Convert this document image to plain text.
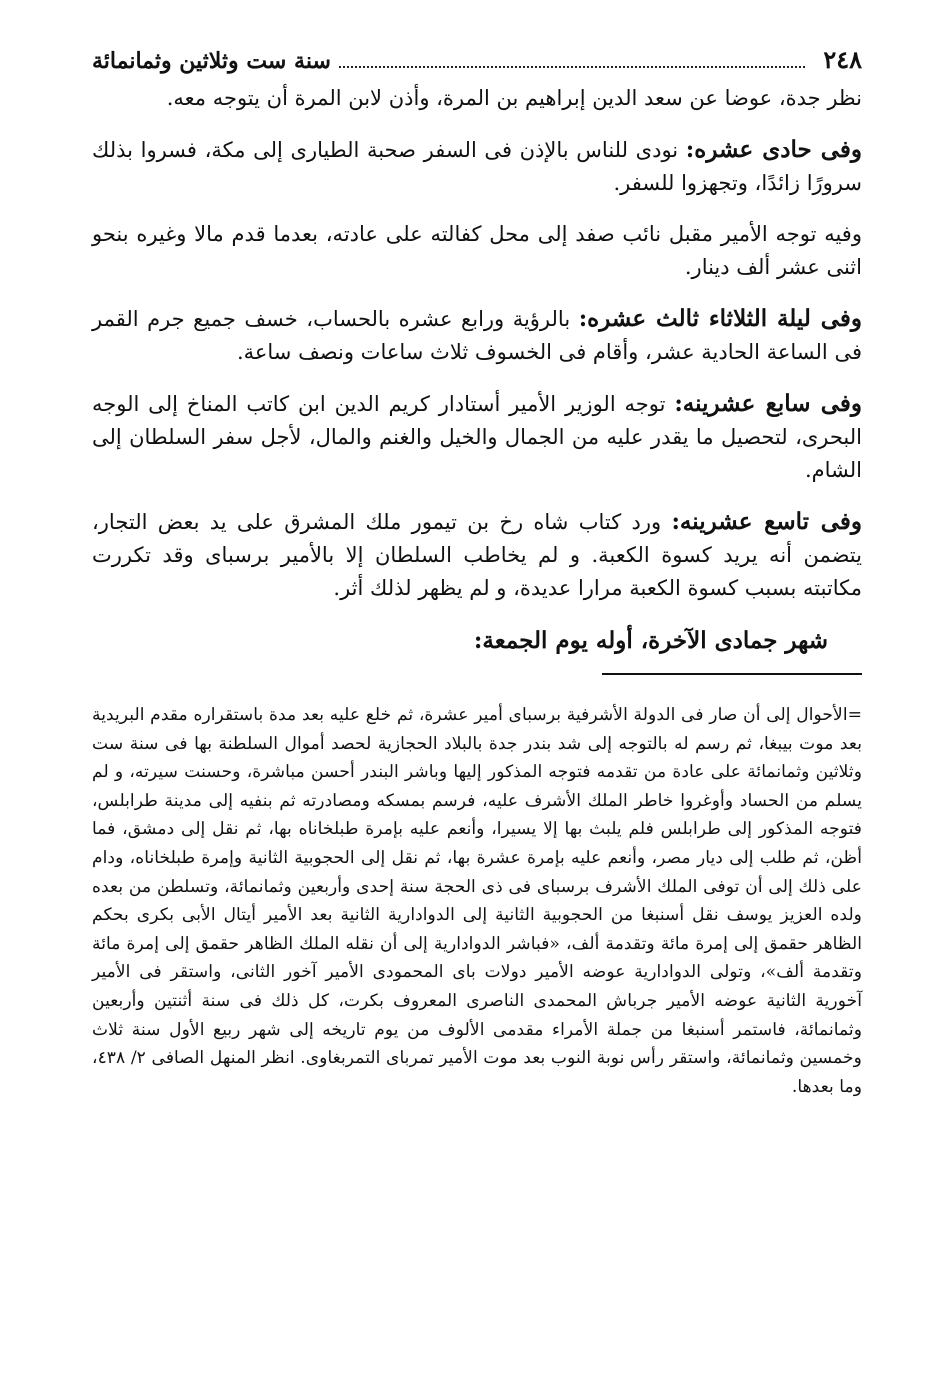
٢٤٨
سنة ست وثلاثين وثمانمائة

نظر جدة، عوضا عن سعد الدين إبراهيم بن المرة، وأذن لابن المرة أن يتوجه معه.

وفى حادى عشره: نودى للناس بالإذن فى السفر صحبة الطيارى إلى مكة، فسروا بذلك سرورًا زائدًا، وتجهزوا للسفر.

وفيه توجه الأمير مقبل نائب صفد إلى محل كفالته على عادته، بعدما قدم مالا وغيره بنحو اثنى عشر ألف دينار.

وفى ليلة الثلاثاء ثالث عشره: بالرؤية ورابع عشره بالحساب، خسف جميع جرم القمر فى الساعة الحادية عشر، وأقام فى الخسوف ثلاث ساعات ونصف ساعة.

وفى سابع عشرينه: توجه الوزير الأمير أستادار كريم الدين ابن كاتب المناخ إلى الوجه البحرى، لتحصيل ما يقدر عليه من الجمال والخيل والغنم والمال، لأجل سفر السلطان إلى الشام.

وفى تاسع عشرينه: ورد كتاب شاه رخ بن تيمور ملك المشرق على يد بعض التجار، يتضمن أنه يريد كسوة الكعبة. و لم يخاطب السلطان إلا بالأمير برسباى وقد تكررت مكاتبته بسبب كسوة الكعبة مرارا عديدة، و لم يظهر لذلك أثر.

شهر جمادى الآخرة، أوله يوم الجمعة:

=الأحوال إلى أن صار فى الدولة الأشرفية برسباى أمير عشرة، ثم خلع عليه بعد مدة باستقراره مقدم البريدية بعد موت بيبغا، ثم رسم له بالتوجه إلى شد بندر جدة بالبلاد الحجازية لحصد أموال السلطنة بها فى سنة ست وثلاثين وثمانمائة على عادة من تقدمه فتوجه المذكور إليها وباشر البندر أحسن مباشرة، وحسنت سيرته، و لم يسلم من الحساد وأوغروا خاطر الملك الأشرف عليه، فرسم بمسكه ومصادرته ثم بنفيه إلى مدينة طرابلس، فتوجه المذكور إلى طرابلس فلم يلبث بها إلا يسيرا، وأنعم عليه بإمرة طبلخاناه بها، ثم نقل إلى دمشق، فما أظن، ثم طلب إلى ديار مصر، وأنعم عليه بإمرة عشرة بها، ثم نقل إلى الحجوبية الثانية وإمرة طبلخاناه، ودام على ذلك إلى أن توفى الملك الأشرف برسباى فى ذى الحجة سنة إحدى وأربعين وثمانمائة، وتسلطن من بعده ولده العزيز يوسف نقل أسنبغا من الحجوبية الثانية إلى الدوادارية الثانية بعد الأمير أيتال الأبى بكرى بحكم الظاهر حقمق إلى إمرة مائة وتقدمة ألف، «فباشر الدوادارية إلى أن نقله الملك الظاهر حقمق إلى إمرة مائة وتقدمة ألف»، وتولى الدوادارية عوضه الأمير دولات باى المحمودى الأمير آخور الثانى، واستقر فى الأمير آخورية الثانية عوضه الأمير جرباش المحمدى الناصرى المعروف بكرت، كل ذلك فى سنة أثنتين وأربعين وثمانمائة، فاستمر أسنبغا من جملة الأمراء مقدمى الألوف من يوم تاريخه إلى شهر ربيع الأول سنة ثلاث وخمسين وثمانمائة، واستقر رأس نوبة النوب بعد موت الأمير تمرباى التمربغاوى. انظر المنهل الصافى ٢/ ٤٣٨، وما بعدها.
